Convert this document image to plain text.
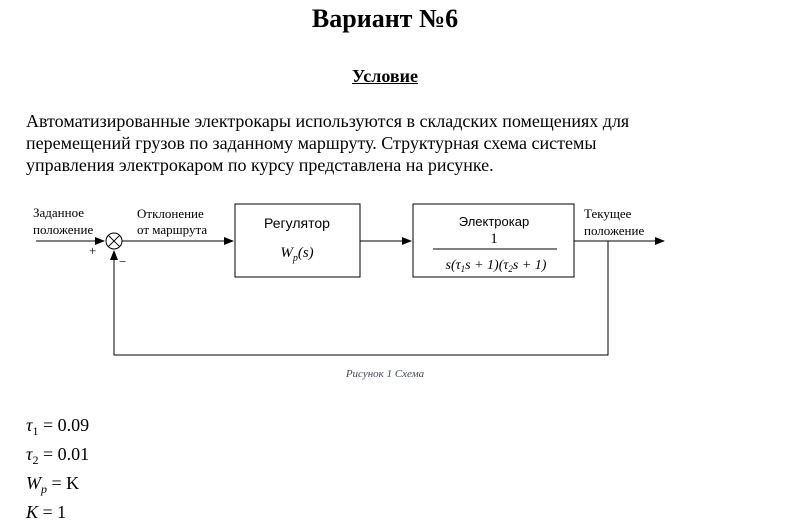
Вариант №6
Условие
Автоматизированные электрокары используются в складских помещениях для
перемещений грузов по заданному маршруту. Структурная схема системы
управления электрокаром по курсу представлена на рисунке.
Заданное
положение
+
−
Отклонение
от маршрута	Регулятор
$W_p(s)$
Электрокар
1
$s(\tau_1s + 1)(\tau_2s + 1)$
Текущее
положение
Рисунок 1 Схема
$\tau_1 = 0.09$
$\tau_2 = 0.01$
$W_p = K$
K = 1
